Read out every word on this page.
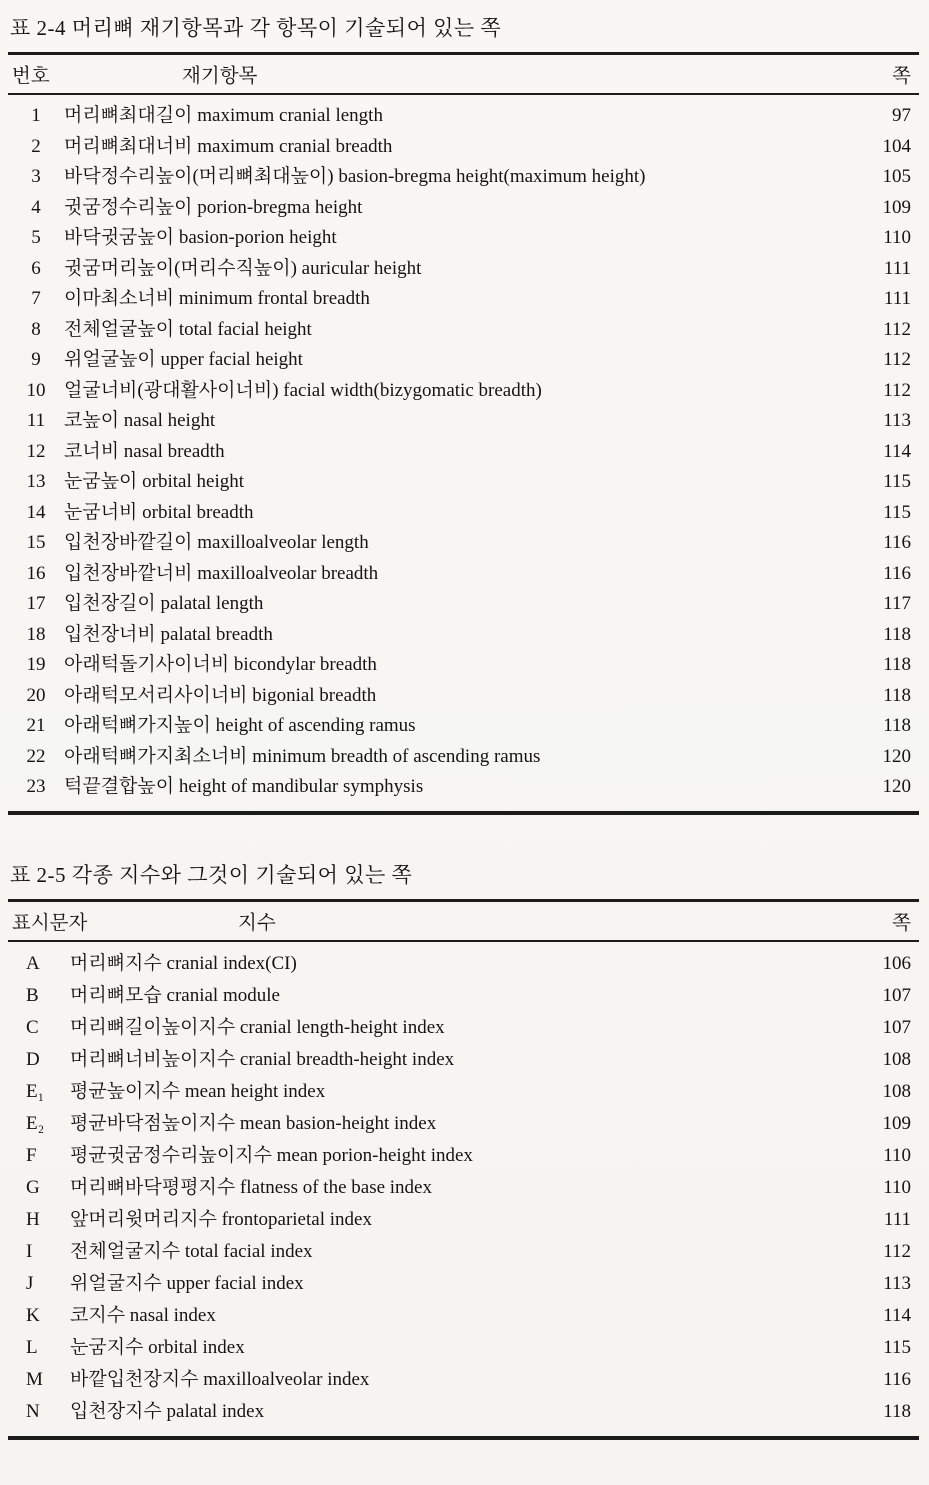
표 2-4 머리뼈 재기항목과 각 항목이 기술되어 있는 쪽
번호	재기항목	쪽
1	머리뼈최대길이 maximum cranial length	97
2	머리뼈최대너비 maximum cranial breadth	104
3	바닥정수리높이(머리뼈최대높이) basion-bregma height(maximum height)	105
4	귓굼정수리높이 porion-bregma height	109
5	바닥귓굼높이 basion-porion height	110
6	귓굼머리높이(머리수직높이) auricular height	111
7	이마최소너비 minimum frontal breadth	111
8	전체얼굴높이 total facial height	112
9	위얼굴높이 upper facial height	112
10 얼굴너비(광대활사이너비) facial width(bizygomatic breadth)	112
11 코높이 nasal height	113
12 코너비 nasal breadth	114
13 눈굼높이 orbital height	115
14 눈굼너비 orbital breadth	115
15 입천장바깥길이 maxilloalveolar length	116
16 입천장바깥너비 maxilloalveolar breadth	116
17 입천장길이 palatal length	117
18 입천장너비 palatal breadth	118
19 아래턱돌기사이너비 bicondylar breadth	118
20 아래턱모서리사이너비 bigonial breadth	118
21 아래턱뼈가지높이 height of ascending ramus	118
22 아래턱뼈가지최소너비 minimum breadth of ascending ramus	120
23 턱끝결합높이 height of mandibular symphysis	120
표 2-5 각종 지수와 그것이 기술되어 있는 쪽
표시문자	지수	쪽
A	머리뼈지수 cranial index(CI)	106
B	머리뼈모습 cranial module	107
C	머리뼈길이높이지수 cranial length-height index	107
D	머리뼈너비높이지수 cranial breadth-height index	108
E₁	평균높이지수 mean height index	108
E₂	평균바닥점높이지수 mean basion-height index	109
F	평균귓굼정수리높이지수 mean porion-height index	110
G	머리뼈바닥평평지수 flatness of the base index	110
H	앞머리윗머리지수 frontoparietal index	111
I	전체얼굴지수 total facial index	112
J	위얼굴지수 upper facial index	113
K	코지수 nasal index	114
L	눈굼지수 orbital index	115
M	바깥입천장지수 maxilloalveolar index	116
N	입천장지수 palatal index	118
